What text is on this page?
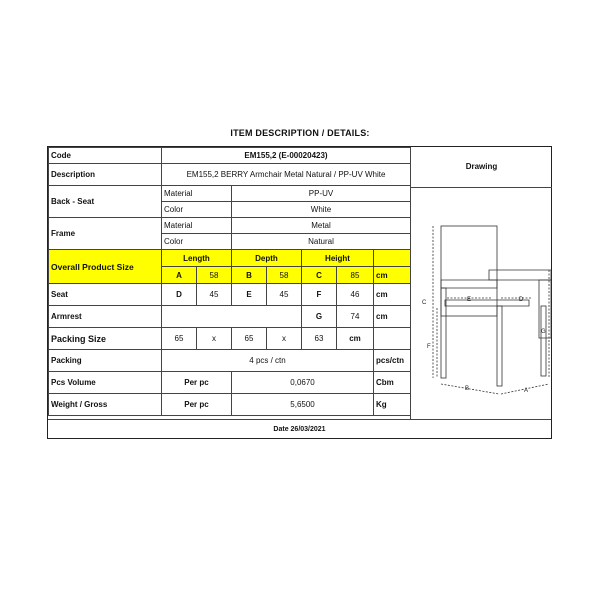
ITEM DESCRIPTION / DETAILS:
Code	EM155,2 (E-00020423)						
Description	EM155,2 BERRY Armchair Metal Natural / PP-UV White						
Back - Seat	Material		PP-UV				
	Color		White				
Frame	Material		Metal				
	Color		Natural				
Overall Product Size	Length		Depth		Height		
	A	58	B	58	C	85	cm
Seat	D	45	E	45	F	46	cm
Armrest					G	74	cm
Packing Size	65	x	65	x	63	cm	
Packing	4 pcs / ctn						pcs/ctn
Pcs Volume	Per pc		0,0670				Cbm
Weight / Gross	Per pc		5,6500				Kg
Drawing
C	E	D
F
G
B	A
Date 26/03/2021
